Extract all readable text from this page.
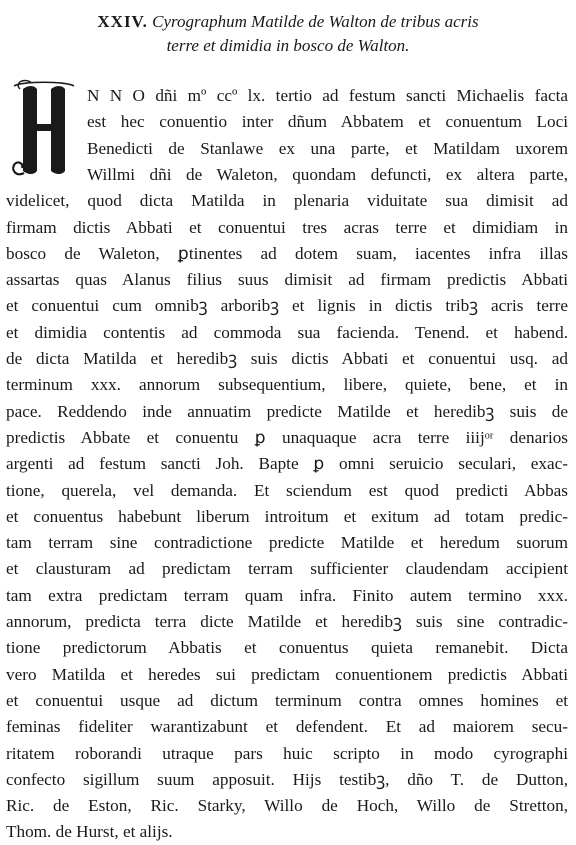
XXIV. Cyrographum Matilde de Walton de tribus acris
terre et dimidia in bosco de Walton.
N N O dñi mº ccº lx. tertio ad festum sancti Michaelis facta
est hec conuentio inter dñum Abbatem et conuentum Loci
Benedicti de Stanlawe ex una parte, et Matildam uxorem
Willmi dñi de Waleton, quondam defuncti, ex altera parte,
videlicet, quod dicta Matilda in plenaria viduitate sua dimisit ad
firmam dictis Abbati et conuentui tres acras terre et dimidiam in
bosco de Waleton, ꝑtinentes ad dotem suam, iacentes infra illas
assartas quas Alanus filius suus dimisit ad firmam predictis Abbati
et conuentui cum omnibꝫ arboribꝫ et lignis in dictis tribꝫ acris terre
et dimidia contentis ad commoda sua facienda. Tenend. et habend.
de dicta Matilda et heredibꝫ suis dictis Abbati et conuentui usq. ad
terminum xxx. annorum subsequentium, libere, quiete, bene, et in
pace. Reddendo inde annuatim predicte Matilde et heredibꝫ suis de
predictis Abbate et conuentu ꝑ unaquaque acra terre iiijᵒʳ denarios
argenti ad festum sancti Joh. Bapte ꝑ omni seruicio seculari, exac-
tione, querela, vel demanda. Et sciendum est quod predicti Abbas
et conuentus habebunt liberum introitum et exitum ad totam predic-
tam terram sine contradictione predicte Matilde et heredum suorum
et clausturam ad predictam terram sufficienter claudendam accipient
tam extra predictam terram quam infra. Finito autem termino xxx.
annorum, predicta terra dicte Matilde et heredibꝫ suis sine contradic-
tione predictorum Abbatis et conuentus quieta remanebit. Dicta
vero Matilda et heredes sui predictam conuentionem predictis Abbati
et conuentui usque ad dictum terminum contra omnes homines et
feminas fideliter warantizabunt et defendent. Et ad maiorem secu-
ritatem roborandi utraque pars huic scripto in modo cyrographi
confecto sigillum suum apposuit. Hijs testibꝫ, dño T. de Dutton,
Ric. de Eston, Ric. Starky, Willo de Hoch, Willo de Stretton,
Thom. de Hurst, et alijs.
